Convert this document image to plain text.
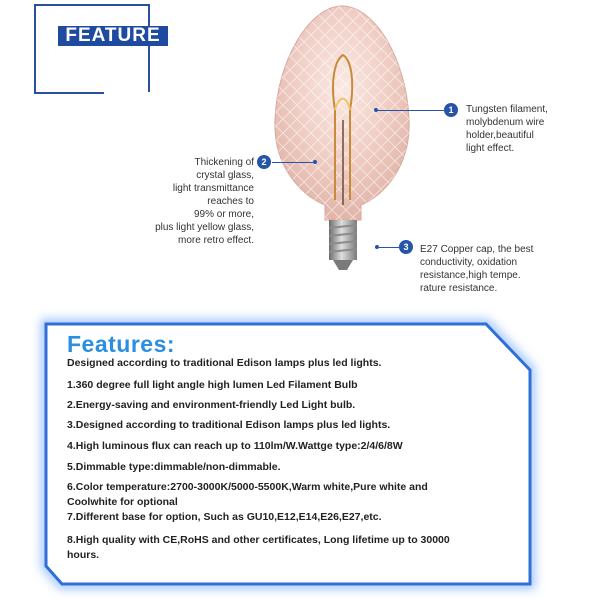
FEATURE
1	Tungsten filament,
molybdenum wire
holder,beautiful
light effect.
2
Thickening of
crystal glass,
light transmittance
reaches to
99% or more,
plus light yellow glass,
more retro effect.
3	E27 Copper cap, the best
conductivity, oxidation
resistance,high tempe.
rature resistance.
Features:
Designed according to traditional Edison lamps plus led lights.
1.360 degree full light angle high lumen Led Filament Bulb
2.Energy-saving and environment-friendly Led Light bulb.
3.Designed according to traditional Edison lamps plus led lights.
4.High luminous flux can reach up to 110lm/W.Wattge type:2/4/6/8W
5.Dimmable type:dimmable/non-dimmable.
6.Color temperature:2700-3000K/5000-5500K,Warm white,Pure white and
Coolwhite for optional
7.Different base for option, Such as GU10,E12,E14,E26,E27,etc.
8.High quality with CE,RoHS and other certificates, Long lifetime up to 30000
hours.
